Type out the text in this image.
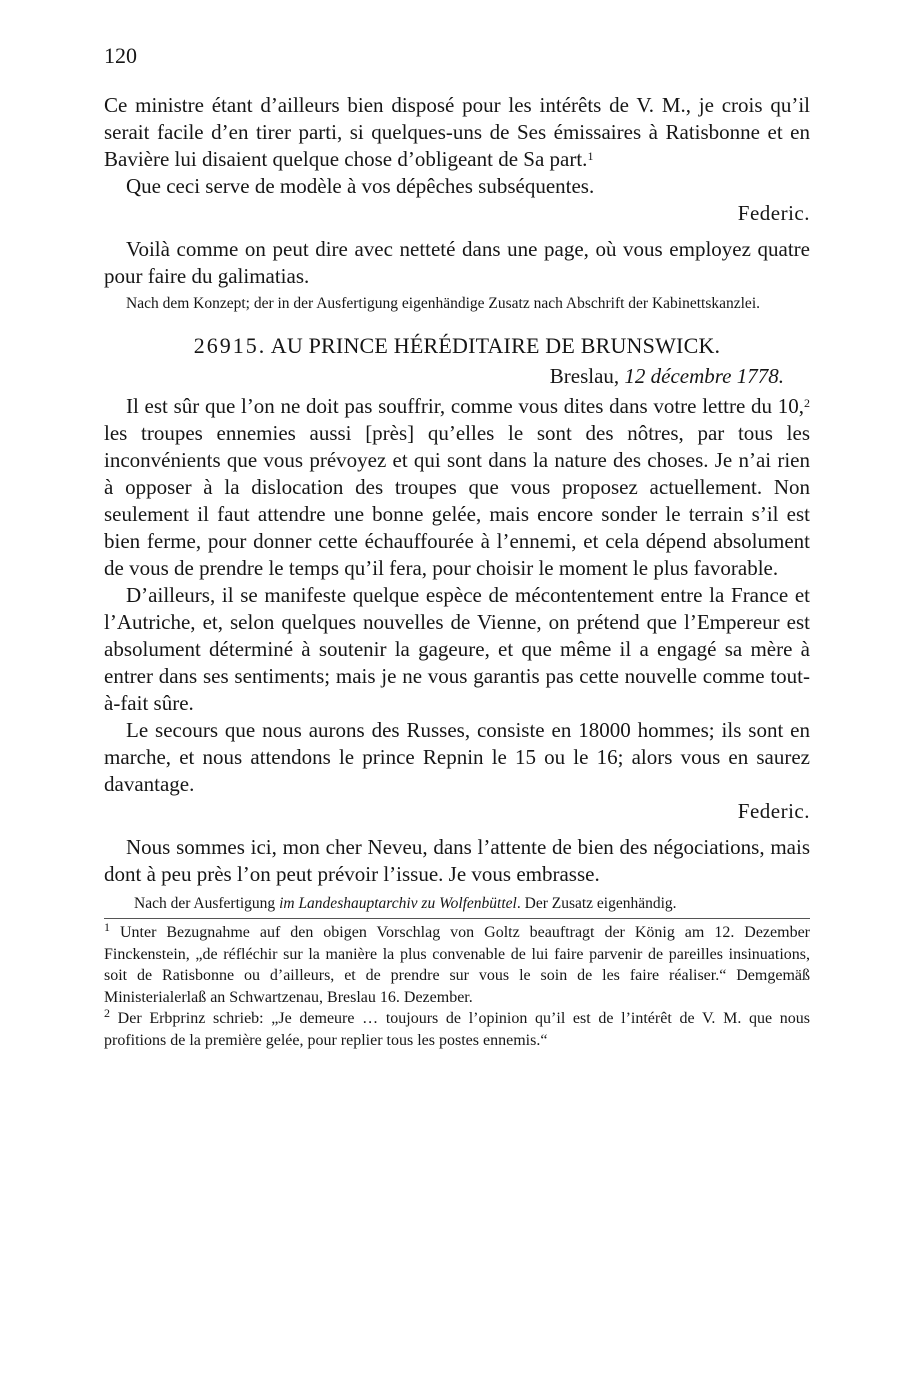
120

Ce ministre étant d’ailleurs bien disposé pour les intérêts de V. M., je crois qu’il serait facile d’en tirer parti, si quelques-uns de Ses émissaires à Ratisbonne et en Bavière lui disaient quelque chose d’obligeant de Sa part.$^1$

Que ceci serve de modèle à vos dépêches subséquentes.

Federic.

Voilà comme on peut dire avec netteté dans une page, où vous employez quatre pour faire du galimatias.

Nach dem Konzept; der in der Ausfertigung eigenhändige Zusatz nach Abschrift der Kabinettskanzlei.

26915. AU PRINCE HÉRÉDITAIRE DE BRUNSWICK.
Breslau, 12 décembre 1778.

Il est sûr que l’on ne doit pas souffrir, comme vous dites dans votre lettre du 10,$^2$ les troupes ennemies aussi [près] qu’elles le sont des nôtres, par tous les inconvénients que vous prévoyez et qui sont dans la nature des choses. Je n’ai rien à opposer à la dislocation des troupes que vous proposez actuellement. Non seulement il faut attendre une bonne gelée, mais encore sonder le terrain s’il est bien ferme, pour donner cette échauffourée à l’ennemi, et cela dépend absolument de vous de prendre le temps qu’il fera, pour choisir le moment le plus favorable.

D’ailleurs, il se manifeste quelque espèce de mécontentement entre la France et l’Autriche, et, selon quelques nouvelles de Vienne, on prétend que l’Empereur est absolument déterminé à soutenir la gageure, et que même il a engagé sa mère à entrer dans ses sentiments; mais je ne vous garantis pas cette nouvelle comme tout-à-fait sûre.

Le secours que nous aurons des Russes, consiste en 18000 hommes; ils sont en marche, et nous attendons le prince Repnin le 15 ou le 16; alors vous en saurez davantage.

Federic.

Nous sommes ici, mon cher Neveu, dans l’attente de bien des négociations, mais dont à peu près l’on peut prévoir l’issue. Je vous embrasse.

Nach der Ausfertigung im Landeshauptarchiv zu Wolfenbüttel. Der Zusatz eigenhändig.

$^1$ Unter Bezugnahme auf den obigen Vorschlag von Goltz beauftragt der König am 12. Dezember Finckenstein, „de réfléchir sur la manière la plus convenable de lui faire parvenir de pareilles insinuations, soit de Ratisbonne ou d’ailleurs, et de prendre sur vous le soin de les faire réaliser.“ Demgemäß Ministerialerlaß an Schwartzenau, Breslau 16. Dezember.

$^2$ Der Erbprinz schrieb: „Je demeure … toujours de l’opinion qu’il est de l’intérêt de V. M. que nous profitions de la première gelée, pour replier tous les postes ennemis.“
